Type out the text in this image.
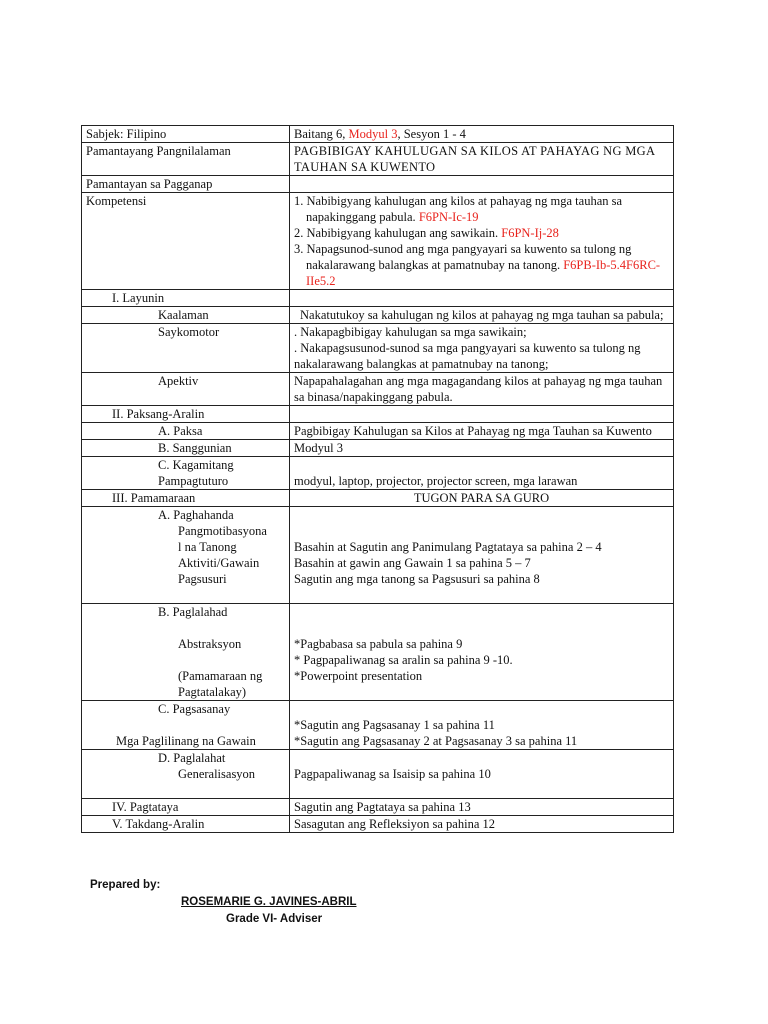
Sabjek: Filipino	Baitang 6, Modyul 3, Sesyon 1 - 4
Pamantayang Pangnilalaman	PAGBIBIGAY KAHULUGAN SA KILOS AT PAHAYAG NG MGA TAUHAN SA KUWENTO
Pamantayan sa Pagganap	
Kompetensi	1. Nabibigyang kahulugan ang kilos at pahayag ng mga tauhan sa napakinggang pabula. F6PN-Ic-19
2. Nabibigyang kahulugan ang sawikain. F6PN-Ij-28
3. Napagsunod-sunod ang mga pangyayari sa kuwento sa tulong ng nakalarawang balangkas at pamatnubay na tanong. F6PB-Ib-5.4F6RC-IIe5.2

I. Layunin	
Kaalaman	Nakatutukoy sa kahulugan ng kilos at pahayag ng mga tauhan sa pabula;
Saykomotor	. Nakapagbibigay kahulugan sa mga sawikain;
. Nakapagsusunod-sunod sa mga pangyayari sa kuwento sa tulong ng nakalarawang balangkas at pamatnubay na tanong;

Apektiv	Napapahalagahan ang mga magagandang kilos at pahayag ng mga tauhan sa binasa/napakinggang pabula.
II. Paksang-Aralin	
A. Paksa	Pagbibigay Kahulugan sa Kilos at Pahayag ng mga Tauhan sa Kuwento
B. Sanggunian	Modyul 3

C. Kagamitang
Pampagtuturo	modyul, laptop, projector, projector screen, mga larawan
III. Pamamaraan	TUGON PARA SA GURO

A. Paghahanda
Pangmotibasyona
l na Tanong
Aktiviti/Gawain
Pagsusuri	Basahin at Sagutin ang Panimulang Pagtataya sa pahina 2 – 4
Basahin at gawin ang Gawain 1 sa pahina 5 – 7
Sagutin ang mga tanong sa Pagsusuri sa pahina 8

B. Paglalahad
Abstraksyon
(Pamamaraan ng
Pagtatalakay)	*Pagbabasa sa pabula sa pahina 9
* Pagpapaliwanag sa aralin sa pahina 9 -10.
*Powerpoint presentation

C. Pagsasanay
Mga Paglilinang na Gawain	*Sagutin ang Pagsasanay 1 sa pahina 11
*Sagutin ang Pagsasanay 2 at Pagsasanay 3 sa pahina 11

D. Paglalahat
Generalisasyon	Pagpapaliwanag sa Isaisip sa pahina 10

IV. Pagtataya	Sagutin ang Pagtataya sa pahina 13
V. Takdang-Aralin	Sasagutan ang Refleksiyon sa pahina 12
Prepared by:
ROSEMARIE G. JAVINES-ABRIL
Grade VI- Adviser
